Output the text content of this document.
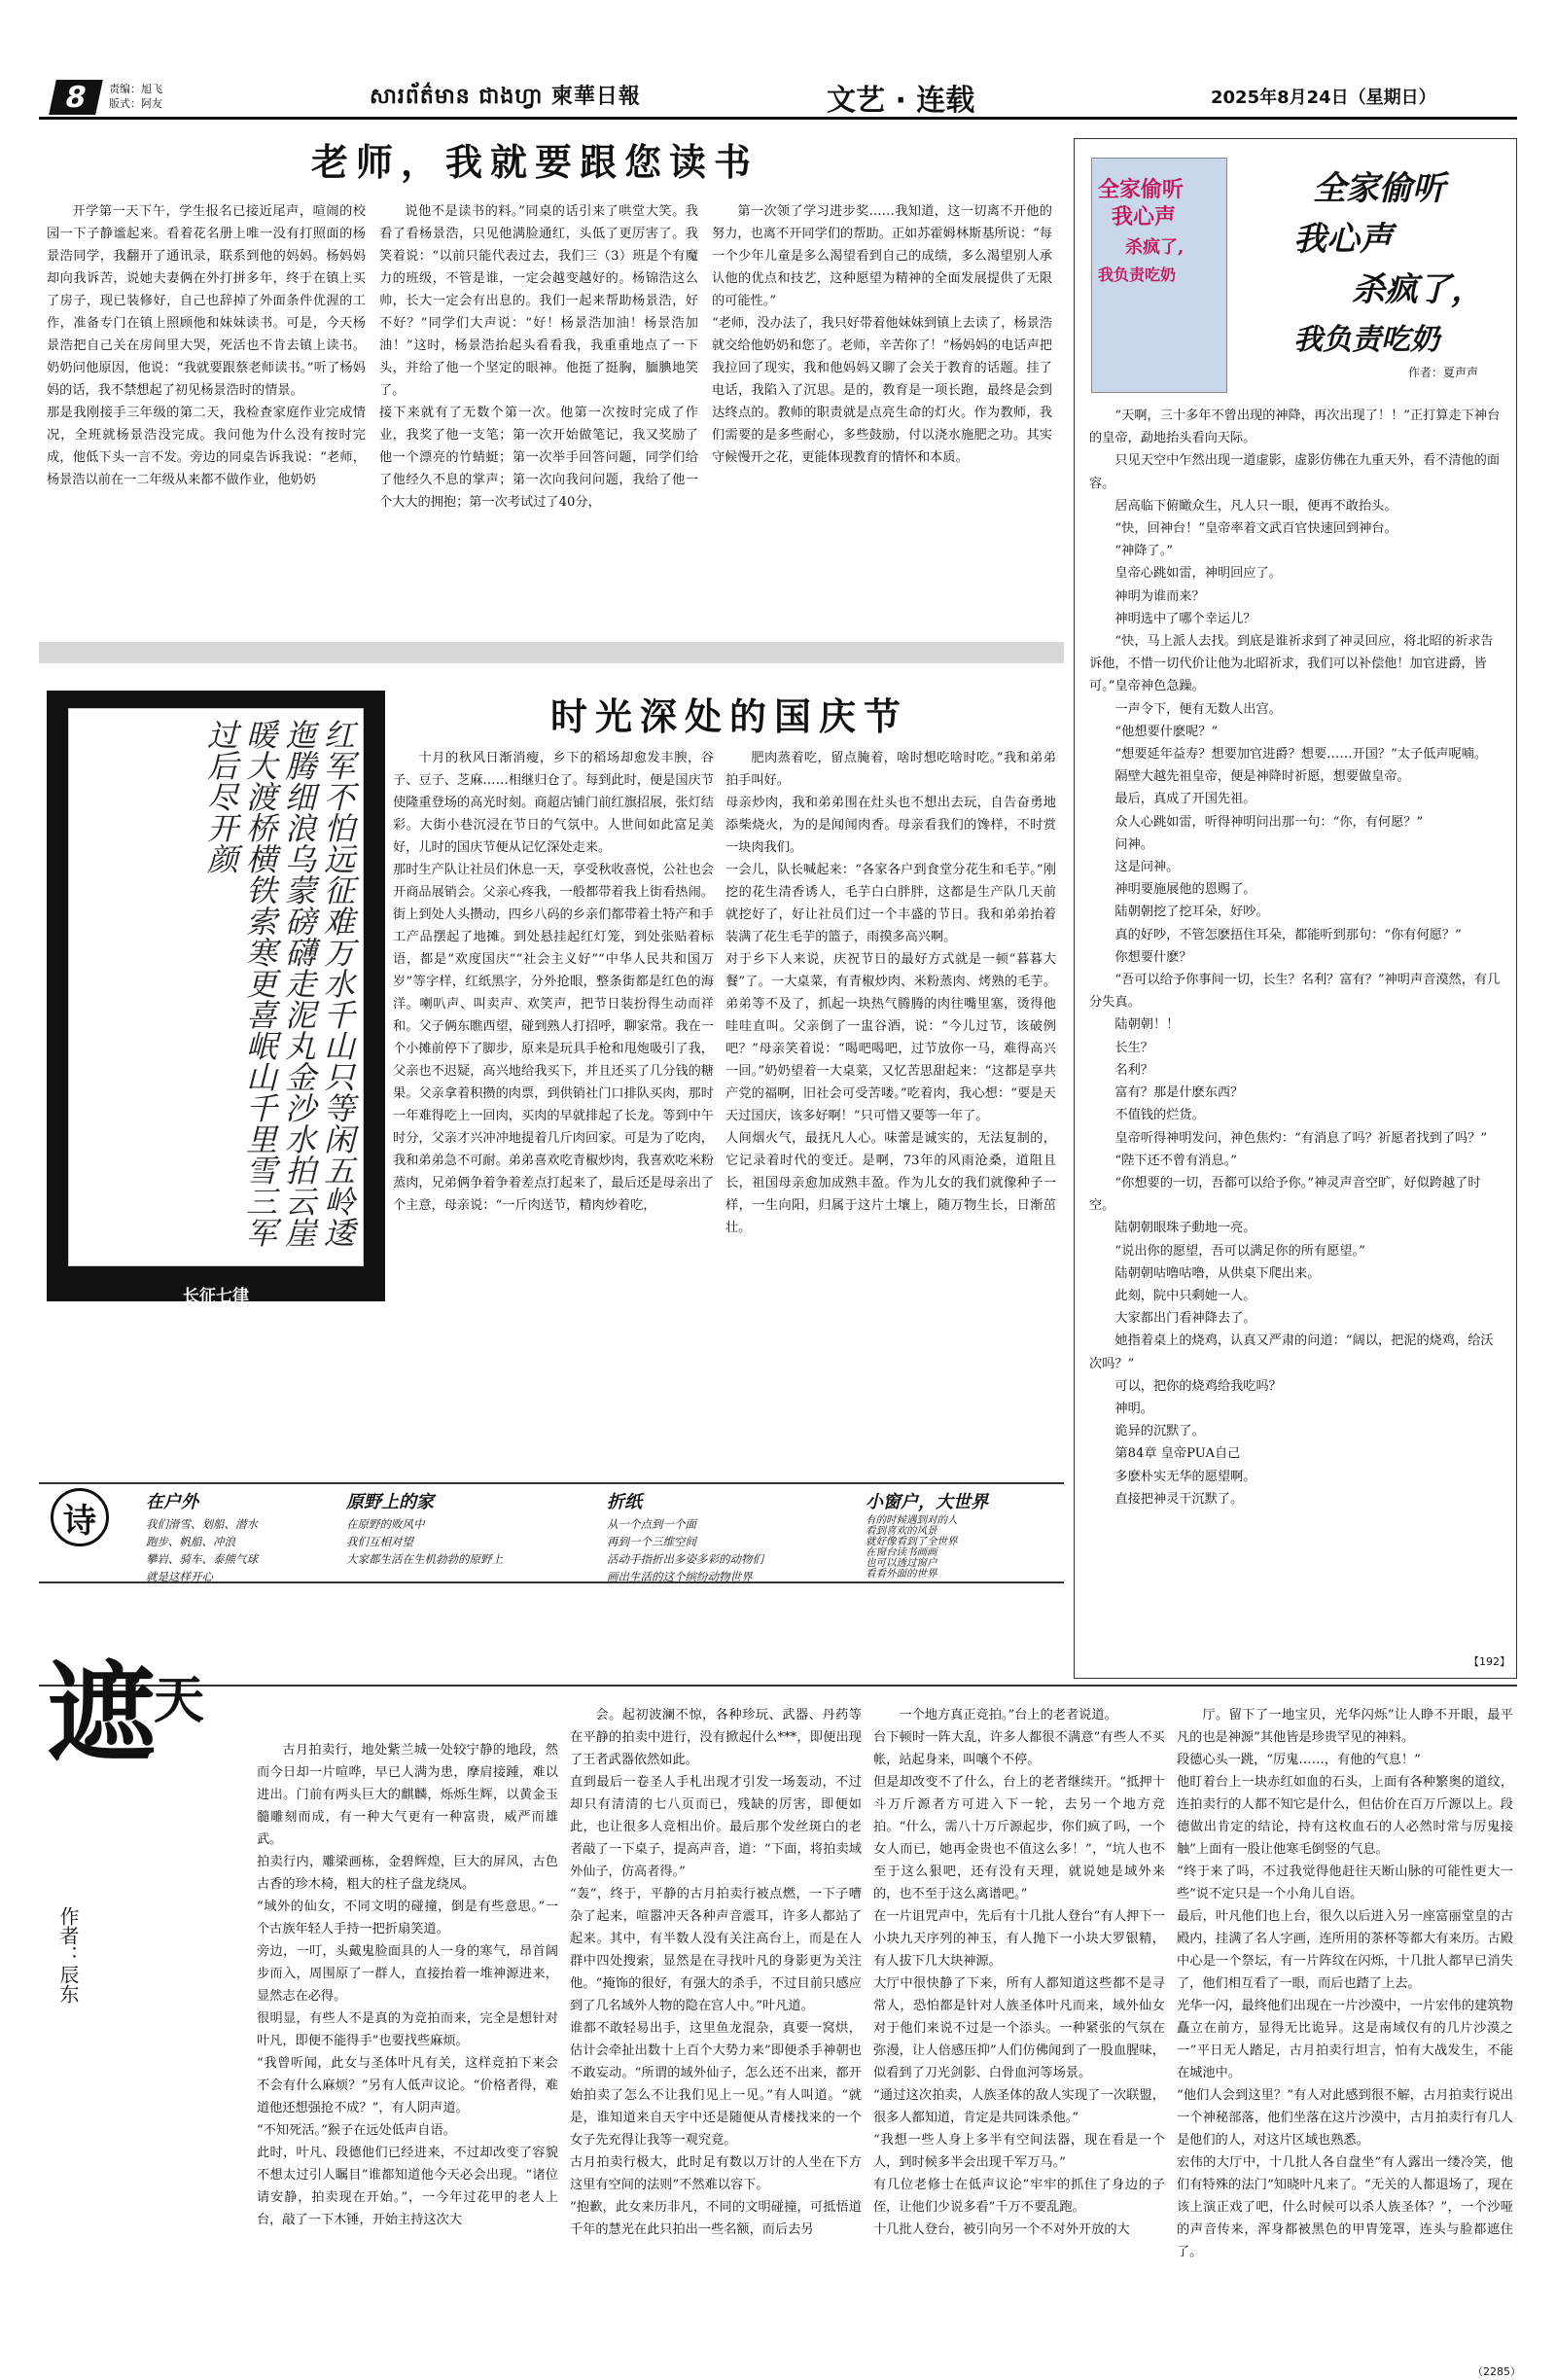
8	责编：旭飞
版式：阿友	សារព័ត៌មាន ជាងហ្វា 柬華日報	文艺 · 连载	2025年8月24日（星期日）
老师，我就要跟您读书

开学第一天下午，学生报名已接近尾声，喧闹的校园一下子静谧起来。看着花名册上唯一没有打照面的杨景浩同学，我翻开了通讯录，联系到他的妈妈。杨妈妈却向我诉苦，说她夫妻俩在外打拼多年，终于在镇上买了房子，现已装修好，自己也辞掉了外面条件优渥的工作，准备专门在镇上照顾他和妹妹读书。可是，今天杨景浩把自己关在房间里大哭，死活也不肯去镇上读书。奶奶问他原因，他说：“我就要跟蔡老师读书。”听了杨妈妈的话，我不禁想起了初见杨景浩时的情景。
那是我刚接手三年级的第二天，我检查家庭作业完成情况，全班就杨景浩没完成。我问他为什么没有按时完成，他低下头一言不发。旁边的同桌告诉我说：“老师，杨景浩以前在一二年级从来都不做作业，他奶奶

说他不是读书的料。”同桌的话引来了哄堂大笑。我看了看杨景浩，只见他满脸通红，头低了更厉害了。我笑着说：“以前只能代表过去，我们三（3）班是个有魔力的班级，不管是谁，一定会越变越好的。杨锦浩这么帅，长大一定会有出息的。我们一起来帮助杨景浩，好不好？”同学们大声说：“好！杨景浩加油！杨景浩加油！”这时，杨景浩抬起头看看我，我重重地点了一下头，并给了他一个坚定的眼神。他挺了挺胸，腼腆地笑了。
接下来就有了无数个第一次。他第一次按时完成了作业，我奖了他一支笔；第一次开始做笔记，我又奖励了他一个漂亮的竹蜻蜓；第一次举手回答问题，同学们给了他经久不息的掌声；第一次向我问问题，我给了他一个大大的拥抱；第一次考试过了40分，

第一次领了学习进步奖……我知道，这一切离不开他的努力，也离不开同学们的帮助。正如苏霍姆林斯基所说：“每一个少年儿童是多么渴望看到自己的成绩，多么渴望别人承认他的优点和技艺，这种愿望为精神的全面发展提供了无限的可能性。”
“老师，没办法了，我只好带着他妹妹到镇上去读了，杨景浩就交给他奶奶和您了。老师，辛苦你了！”杨妈妈的电话声把我拉回了现实，我和他妈妈又聊了会关于教育的话题。挂了电话，我陷入了沉思。是的，教育是一项长跑，最终是会到达终点的。教师的职责就是点亮生命的灯火。作为教师，我们需要的是多些耐心，多些鼓励，付以浇水施肥之功。其实守候慢开之花，更能体现教育的情怀和本质。

红军不怕远征难万水千山只等闲五岭逶迤腾细浪乌蒙磅礴走泥丸金沙水拍云崖暖大渡桥横铁索寒更喜岷山千里雪三军过后尽开颜
长征七律
红军不怕远征难　万水千山只等闲
五岭逶迤腾细浪　乌蒙磅礴走泥丸
金沙水拍云崖暖　大渡桥横铁索寒
更喜岷山千里雪　三军过后尽开颜
时光深处的国庆节

十月的秋风日渐消瘦，乡下的稻场却愈发丰腴，谷子、豆子、芝麻……相继归仓了。每到此时，便是国庆节使隆重登场的高光时刻。商超店铺门前红旗招展，张灯结彩。大街小巷沉浸在节日的气氛中。人世间如此富足美好，儿时的国庆节便从记忆深处走来。
那时生产队让社员们休息一天，享受秋收喜悦，公社也会开商品展销会。父亲心疼我，一般都带着我上街看热闹。街上到处人头攒动，四乡八码的乡亲们都带着土特产和手工产品摆起了地摊。到处悬挂起红灯笼，到处张贴着标语，都是“欢度国庆”“社会主义好”“中华人民共和国万岁”等字样，红纸黑字，分外抢眼，整条街都是红色的海洋。喇叭声、叫卖声、欢笑声，把节日装扮得生动而祥和。父子俩东瞧西望，碰到熟人打招呼，聊家常。我在一个小摊前停下了脚步，原来是玩具手枪和甩炮吸引了我，父亲也不迟疑，高兴地给我买下，并且还买了几分钱的糖果。父亲拿着积攒的肉票，到供销社门口排队买肉，那时一年难得吃上一回肉，买肉的早就排起了长龙。等到中午时分，父亲才兴冲冲地提着几斤肉回家。可是为了吃肉，我和弟弟急不可耐。弟弟喜欢吃青椒炒肉，我喜欢吃米粉蒸肉，兄弟俩争着争着差点打起来了，最后还是母亲出了个主意，母亲说：“一斤肉送节，精肉炒着吃，

肥肉蒸着吃，留点腌着，啥时想吃啥时吃。”我和弟弟拍手叫好。
母亲炒肉，我和弟弟围在灶头也不想出去玩，自告奋勇地添柴烧火，为的是闻闻肉香。母亲看我们的馋样，不时赏一块肉我们。
一会儿，队长喊起来：“各家各户到食堂分花生和毛芋。”刚挖的花生清香诱人，毛芋白白胖胖，这都是生产队几天前就挖好了，好让社员们过一个丰盛的节日。我和弟弟抬着装满了花生毛芋的篮子，雨摸多高兴啊。
对于乡下人来说，庆祝节日的最好方式就是一顿“暮暮大餐”了。一大桌菜，有青椒炒肉、米粉蒸肉、烤熟的毛芋。弟弟等不及了，抓起一块热气腾腾的肉往嘴里塞，烫得他哇哇直叫。父亲倒了一盅谷酒，说：“今儿过节，该破例吧？”母亲笑着说：“喝吧喝吧，过节放你一马，难得高兴一回。”奶奶望着一大桌菜，又忆苦思甜起来：“这都是享共产党的福啊，旧社会可受苦喽。”吃着肉，我心想：“要是天天过国庆，该多好啊！”只可惜又要等一年了。
人间烟火气，最抚凡人心。味蕾是诚实的，无法复制的，它记录着时代的变迁。是啊，73年的风雨沧桑，道阻且长，祖国母亲愈加成熟丰盈。作为儿女的我们就像种子一样，一生向阳，归属于这片土壤上，随万物生长，日渐茁壮。

诗	在户外
我们滑雪、划船、潜水
跑步、帆船、冲浪
攀岩、骑车、泰熊气球
就是这样开心
原野上的家
在原野的败风中
我们互相对望
大家都生活在生机勃勃的原野上
折纸
从一个点到一个面
再到一个三维空间
活动手指折出多姿多彩的动物们
画出生活的这个缤纷动物世界
小窗户，大世界
有的时候遇到对的人
看到喜欢的风景
就好像看到了全世界
在窗台读书画画
也可以透过窗户
看看外面的世界
全家偷听
我心声
杀疯了,
我负责吃奶
全家偷听
我心声
杀疯了，
我负责吃奶
作者：夏声声

“天啊，三十多年不曾出现的神降，再次出现了！！”正打算走下神台的皇帝，勐地抬头看向天际。

只见天空中乍然出现一道虚影，虚影仿佛在九重天外，看不清他的面容。

居高临下俯瞰众生，凡人只一眼，便再不敢抬头。

“快，回神台！”皇帝率着文武百官快速回到神台。

“神降了。”

皇帝心跳如雷，神明回应了。

神明为谁而来？

神明选中了哪个幸运儿？

“快，马上派人去找。到底是谁祈求到了神灵回应，将北昭的祈求告诉他，不惜一切代价让他为北昭祈求，我们可以补偿他！加官进爵，皆可。”皇帝神色急躁。

一声令下，便有无数人出宫。

“他想要什麽呢？”

“想要延年益寿？想要加官进爵？想要……开国？”太子低声呢喃。

隔壁大越先祖皇帝，便是神降时祈愿，想要做皇帝。

最后，真成了开国先祖。

众人心跳如雷，听得神明问出那一句：“你，有何愿？”

问神。

这是问神。

神明要施展他的恩赐了。

陆朝朝挖了挖耳朵，好吵。

真的好吵，不管怎麽捂住耳朵，都能听到那句：“你有何愿？”

你想要什麽？

“吾可以给予你事间一切，长生？名利？富有？”神明声音漠然，有几分失真。

陆朝朝！！

长生？

名利？

富有？那是什麽东西？

不值钱的烂货。

皇帝听得神明发问，神色焦灼：“有消息了吗？祈愿者找到了吗？”

“陛下还不曾有消息。”

“你想要的一切，吾都可以给予你。”神灵声音空旷，好似跨越了时空。

陆朝朝眼珠子動地一亮。

“说出你的愿望，吾可以满足你的所有愿望。”

陆朝朝咕噜咕噜，从供桌下爬出来。

此刻，院中只剩她一人。

大家都出门看神降去了。

她指着桌上的烧鸡，认真又严肃的问道：“阔以，把泥的烧鸡，给沃次吗？”

可以，把你的烧鸡给我吃吗？

神明。

诡异的沉默了。

第84章 皇帝PUA自己

多麽朴实无华的愿望啊。

直接把神灵干沉默了。

【192】
遮
天
作者：辰东

古月拍卖行，地处紫兰城一处较宁静的地段，然而今日却一片喧哗，早已人满为患，摩肩接踵，难以进出。门前有两头巨大的麒麟，烁烁生辉，以黄金玉髓雕刻而成，有一种大气更有一种富贵，威严而雄武。
拍卖行内，雕梁画栋，金碧辉煌，巨大的屏风，古色古香的珍木椅，粗大的柱子盘龙绕凤。
“域外的仙女，不同文明的碰撞，倒是有些意思。”一个古族年轻人手持一把折扇笑道。
旁边，一叮，头戴鬼脸面具的人一身的寒气，昂首阔步而入，周围原了一群人，直接抬着一堆神源进来，显然志在必得。
很明显，有些人不是真的为竞拍而来，完全是想针对叶凡，即便不能得手”也要找些麻烦。
“我曾听闻，此女与圣体叶凡有关，这样竞拍下来会不会有什么麻烦？”另有人低声议论。“价格者得，难道他还想强抢不成？”，有人阴声道。
“不知死活。”猴子在远处低声自语。
此时，叶凡、段德他们已经进来，不过却改变了容貌不想太过引人瞩目”谁都知道他今天必会出现。“诸位请安静，拍卖现在开始。”，一今年过花甲的老人上台，敲了一下木锤，开始主持这次大

会。起初波澜不惊，各种珍玩、武器、丹药等在平静的拍卖中进行，没有掀起什么***，即便出现了王者武器依然如此。
直到最后一卷圣人手札出现才引发一场轰动，不过却只有清清的七八页而已，残缺的厉害，即便如此，也让很多人竞相出价。最后那个发丝斑白的老者敲了一下桌子，提高声音，道：“下面，将拍卖域外仙子，仿高者得。”
“轰”，终于，平静的古月拍卖行被点燃，一下子嘈杂了起来，喧嚣冲天各种声音震耳，许多人都站了起来。其中，有半数人没有关注高台上，而是在人群中四处搜索，显然是在寻找叶凡的身影更为关注他。“掩饰的很好，有强大的杀手，不过目前只感应到了几名域外人物的隐在宫人中。”叶凡道。
谁都不敢轻易出手，这里鱼龙混杂，真要一窝烘，估计会牵扯出数十上百个大势力来”即便杀手神朝也不敢妄动。“所谓的域外仙子，怎么还不出来，都开始拍卖了怎么不让我们见上一见。”有人叫道。“就是，谁知道来自天宇中还是随便从青楼找来的一个女子先充得让我等一观究竟。
古月拍卖行极大，此时足有数以万计的人坐在下方这里有空间的法则”不然难以容下。
“抱歉，此女来历非凡，不同的文明碰撞，可抵悟道千年的慧光在此只拍出一些名额，而后去另

一个地方真正竞拍。”台上的老者说道。
台下顿时一阵大乱，许多人都很不满意”有些人不买帐，站起身来，叫嚷个不停。
但是却改变不了什么，台上的老者继续开。“抵押十斗万斤源者方可进入下一轮，去另一个地方竞拍。“什么，需八十万斤源起步，你们疯了吗，一个女人而已，她再金贵也不值这么多！”，“坑人也不至于这么狠吧，还有没有天理，就说她是域外来的，也不至于这么离谱吧。”
在一片诅咒声中，先后有十几批人登台”有人押下一小块九天序列的神玉，有人抛下一小块大罗银精，有人拔下几大块神源。
大厅中很快静了下来，所有人都知道这些都不是寻常人，恐怕都是针对人族圣体叶凡而来，域外仙女对于他们来说不过是一个添头。一种紧张的气氛在弥漫，让人倍感压抑”人们仿佛闻到了一股血腥味，似看到了刀光剑影、白骨血河等场景。
“通过这次拍卖，人族圣体的敌人实现了一次联盟，很多人都知道，肯定是共同诛杀他。”
“我想一些人身上多半有空间法器，现在看是一个人，到时候多半会出现千军万马。”
有几位老修士在低声议论”牢牢的抓住了身边的子侄，让他们少说多看”千万不要乱跑。
十几批人登台，被引向另一个不对外开放的大

厅。留下了一地宝贝，光华闪烁”让人睁不开眼，最平凡的也是神源”其他皆是珍贵罕见的神料。
段德心头一跳，“厉鬼……，有他的气息！”
他盯着台上一块赤红如血的石头，上面有各种繁奥的道纹，连拍卖行的人都不知它是什么，但估价在百万斤源以上。段德做出肯定的结论，持有这枚血石的人必然时常与厉鬼接触”上面有一股让他寒毛倒竖的气息。
“终于来了吗，不过我觉得他赶往天断山脉的可能性更大一些”说不定只是一个小角儿自语。
最后，叶凡他们也上台，很久以后进入另一座富丽堂皇的古殿内，挂满了名人字画，连所用的茶杯等都大有来历。古殿中心是一个祭坛，有一片阵纹在闪烁，十几批人都早已消失了，他们相互看了一眼，而后也踏了上去。
光华一闪，最终他们出现在一片沙漠中，一片宏伟的建筑物矗立在前方，显得无比诡异。这是南域仅有的几片沙漠之一”平日无人踏足，古月拍卖行坦言，怕有大战发生，不能在城池中。
“他们人会到这里？”有人对此感到很不解，古月拍卖行说出一个神秘部落，他们坐落在这片沙漠中，古月拍卖行有几人是他们的人，对这片区域也熟悉。
宏伟的大厅中，十几批人各自盘坐”有人露出一缕冷笑，他们有特殊的法门”知晓叶凡来了。“无关的人都退场了，现在该上演正戏了吧，什么时候可以杀人族圣体？”，一个沙哑的声音传来，浑身都被黑色的甲胄笼罩，连头与脸都遮住了。

（2285）
